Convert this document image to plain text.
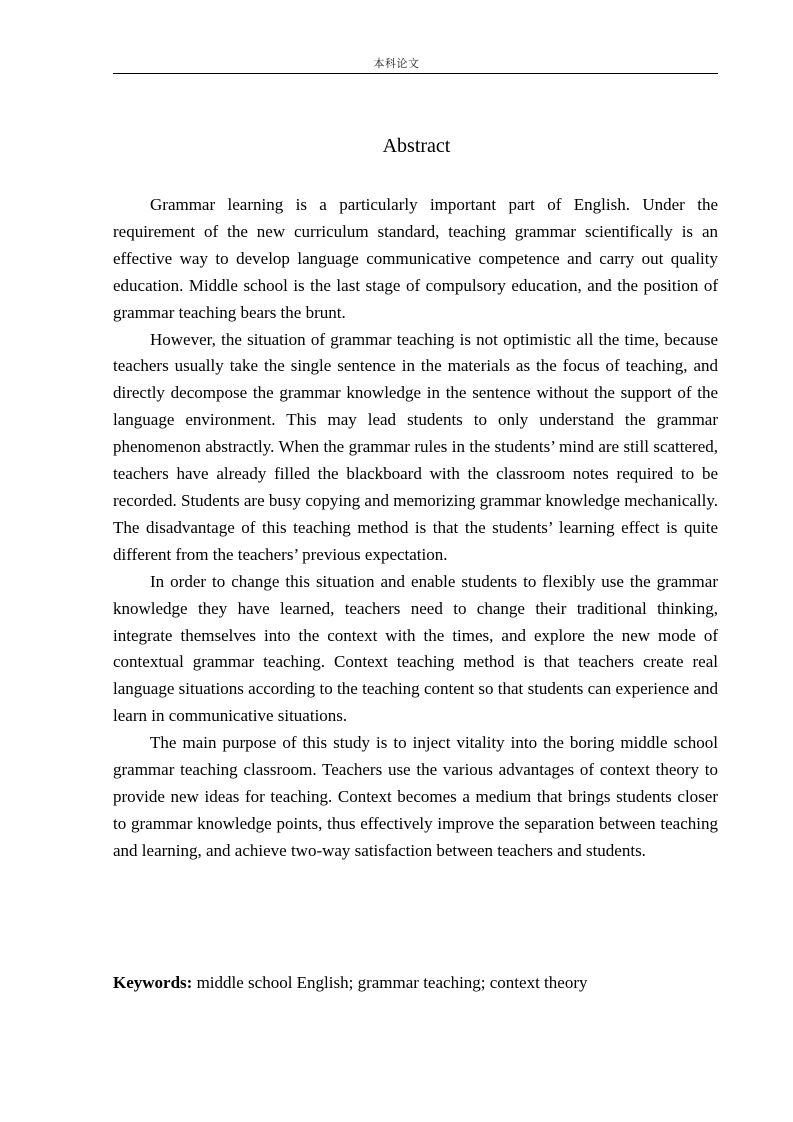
本科论文
Abstract

Grammar learning is a particularly important part of English. Under the requirement of the new curriculum standard, teaching grammar scientifically is an effective way to develop language communicative competence and carry out quality education. Middle school is the last stage of compulsory education, and the position of grammar teaching bears the brunt.

However, the situation of grammar teaching is not optimistic all the time, because teachers usually take the single sentence in the materials as the focus of teaching, and directly decompose the grammar knowledge in the sentence without the support of the language environment. This may lead students to only understand the grammar phenomenon abstractly. When the grammar rules in the students’ mind are still scattered, teachers have already filled the blackboard with the classroom notes required to be recorded. Students are busy copying and memorizing grammar knowledge mechanically. The disadvantage of this teaching method is that the students’ learning effect is quite different from the teachers’ previous expectation.

In order to change this situation and enable students to flexibly use the grammar knowledge they have learned, teachers need to change their traditional thinking, integrate themselves into the context with the times, and explore the new mode of contextual grammar teaching. Context teaching method is that teachers create real language situations according to the teaching content so that students can experience and learn in communicative situations.

The main purpose of this study is to inject vitality into the boring middle school grammar teaching classroom. Teachers use the various advantages of context theory to provide new ideas for teaching. Context becomes a medium that brings students closer to grammar knowledge points, thus effectively improve the separation between teaching and learning, and achieve two-way satisfaction between teachers and students.

Keywords: middle school English; grammar teaching; context theory
